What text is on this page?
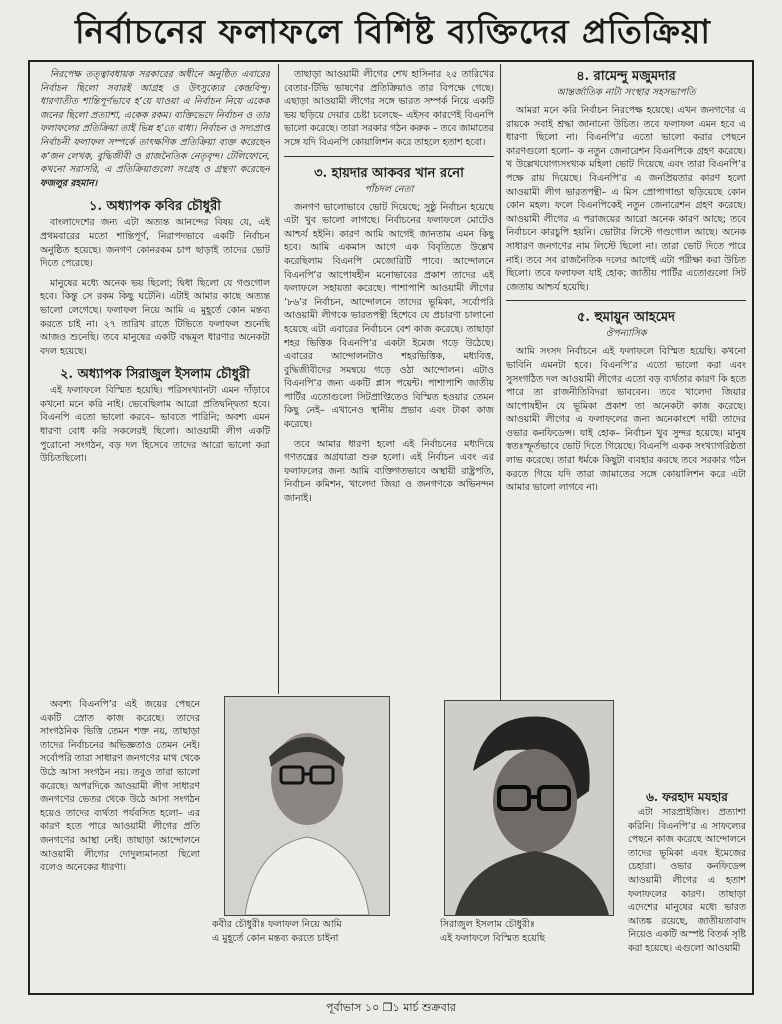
নির্বাচনের ফলাফলে বিশিষ্ট ব্যক্তিদের প্রতিক্রিয়া

নিরপেক্ষ তত্ত্বাবধায়ক সরকারের অধীনে অনুষ্ঠিত এবারের নির্বাচন ছিলো সবারই আগ্রহ ও উৎসুক্যের কেন্দ্রবিন্দু। ধারণাতীত শান্তিপূর্ণভাবে হ’য়ে যাওয়া এ নির্বাচন নিয়ে একেক জনের ছিলো প্রত্যাশা, একেক রকম। ব্যক্তিভেদে নির্বাচন ও তার ফলাফলের প্রতিক্রিয়া তাই ভিন্ন হ’তে বাধ্য। নির্বাচন ও সদ্যপ্রাপ্ত নির্বাচনী ফলাফল সম্পর্কে তাৎক্ষণিক প্রতিক্রিয়া ব্যক্ত করেছেন ক’জন লেখক, বুদ্ধিজীবী ও রাজনৈতিক নেতৃবৃন্দ। টেলিফোনে, কখনো সরাসরি, এ প্রতিক্রিয়াগুলো সংগ্রহ ও গ্রন্থণা করেছেন ফজলুর রহমান।

১. অধ্যাপক কবির চৌধুরী

বাংলাদেশের জন্য এটা অত্যন্ত আনন্দের বিষয় যে, এই প্রথমবারের মতো শান্তিপূর্ণ, নিরাপদভাবে একটি নির্বাচন অনুষ্ঠিত হয়েছে। জনগণ কোনরকম চাপ ছাড়াই তাদের ভোট দিতে পেরেছে।

মানুষের মধ্যে অনেক ভয় ছিলো; দ্বিধা ছিলো যে গণ্ডগোল হবে। কিন্তু সে রকম কিছু ঘটেনি। এটাই আমার কাছে অত্যন্ত ভালো লেগেছে। ফলাফল নিয়ে আমি এ মুহূর্তে কোন মন্তব্য করতে চাই না। ২৭ তারিখ রাতে টিভিতে ফলাফল শুনেছি আজও শুনেছি। তবে মানুষের একটি বদ্ধমূল ধারণার অনেকটা বদল হয়েছে।

২. অধ্যাপক সিরাজুল ইসলাম চৌধুরী

এই ফলাফলে বিস্মিত হয়েছি। পরিসংখ্যানটা এমন দাঁড়াবে কখনো মনে করি নাই। ভেবেছিলাম আরো প্রতিদ্বন্দ্বিতা হবে। বিএনপি এতো ভালো করবে– ভাবতে পারিনি; অবশ্য এমন ধারণা বোধ করি সকলেরই ছিলো। আওয়ামী লীগ একটি পুরোনো সংগঠন, বড় দল হিসেবে তাদের আরো ভালো করা উচিতছিলো।

অবশ্য বিএনপি’র এই জয়ের পেছনে একটি স্রোত কাজ করেছে। তাদের সাংগঠনিক ভিত্তি তেমন শক্ত নয়, তাছাড়া তাদের নির্বাচনের অভিজ্ঞতাও তেমন নেই। সর্বোপরি তারা সাধারণ জনগণের মাথ থেকে উঠে আসা সংগঠন নয়। তবুও তারা ভালো করেছে। অপরদিকে আওয়ামী লীগ সাধারণ জনগণের ভেতর থেকে উঠে আসা সংগঠন হয়েও তাদের ব্যর্থতা পর্যবসিত হলো– এর কারণ হতে পারে আওয়ামী লীগের প্রতি জনগণের আস্থা নেই। তাছাড়া আন্দোলনে আওয়ামী লীগের দোদুল্যমানতা ছিলো বলেও অনেকের ধারণা।

তাছাড়া আওয়ামী লীগের শেখ হাসিনার ২৫ তারিখের বেতার-টিভি ভাষণের প্রতিক্রিয়াও তার বিপক্ষে গেছে। এছাড়া আওয়ামী লীগের সঙ্গে ভারত সম্পর্ক নিয়ে একটি ভয় ছড়িয়ে দেয়ার চেষ্টা চলেছে– এইসব কারণেই বিএনপি ভালো করেছে। তারা সরকার গঠন করুক – তবে জামাতের সঙ্গে যদি বিএনপি কোয়ালিশন করে তাহলে হতাশ হবো।

৩. হায়দার আকবর খান রনো
পাঁচদল নেতা

জনগণ ভালোভাবে ভোট দিয়েছে; সুষ্ঠু নির্বাচন হয়েছে এটা খুব ভালো লাগছে। নির্বাচনের ফলাফলে মোটেও আশ্চর্য হইনি। কারণ আমি আগেই জানতাম এমন কিছু হবে। আমি একমাস আগে এক বিবৃতিতে উল্লেখ করেছিলাম বিএনপি মেজোরিটি পাবে। আন্দোলনে বিএনপি’র আপোষহীন মনোভাবের প্রকাশ তাদের এই ফলাফলে সহায়তা করেছে। পাশাপাশি আওয়ামী লীগের ’৮৬’র নির্বাচন, আন্দোলনে তাদের ভূমিকা, সর্বোপরি আওয়ামী লীগকে ভারতপন্থী হিশেবে যে প্রচারণা চালানো হয়েছে এটা এবারের নির্বাচনে বেশ কাজ করেছে। তাছাড়া শহর ভিত্তিক বিএনপি’র একটা ইমেজ গড়ে উঠেছে। এবারের আন্দোলনটাও শহরভিত্তিক, মধ্যবিত্ত, বুদ্ধিজীবীদের সমন্বয়ে গড়ে ওঠা আন্দোলন। এটাও বিএনপি’র জন্য একটি প্লাস পয়েন্ট। পাশাপাশি জাতীয় পার্টির এতোগুলো সিটপ্রাপ্তিতেও বিস্মিত হওয়ার তেমন কিছু নেই– এখানেও স্থানীয় প্রভাব এবং টাকা কাজ করেছে।

তবে আমার ধারণা হলো এই নির্বাচনের মধ্যদিয়ে গণতন্ত্রের অগ্রযাত্রা শুরু হলো। এই নির্বাচন এবং এর ফলাফলের জন্য আমি ব্যক্তিগতভাবে অস্থায়ী রাষ্ট্রপতি, নির্বাচন কমিশন, খালেদা জিয়া ও জনগণকে অভিনন্দন জানাই।

৪. রামেন্দু মজুমদার
আন্তর্জাতিক নাট্য সংস্থার সহসভাপতি

আমরা মনে করি নির্বাচন নিরপেক্ষ হয়েছে। এখন জনগণের এ রায়কে সবাই শ্রদ্ধা জানানো উচিত। তবে ফলাফল এমন হবে এ ধারণা ছিলো না। বিএনপি’র এতো ভালো করার পেছনে কারণগুলো হলো– ক নতুন জেনারেশন বিএনপিকে গ্রহণ করেছে। খ উল্লেখযোগ্যসংখ্যক মহিলা ভোট দিয়েছে এবং তারা বিএনপি’র পক্ষে রায় দিয়েছে। বিএনপি’র এ জনপ্রিয়তার কারণ হলো আওয়ামী লীগ ভারতপন্থী– এ মিস প্রোপাগান্ডা ছড়িয়েছে কোন কোন মহল। ফলে বিএনপিকেই নতুন জেনারেশন গ্রহণ করেছে। আওয়ামী লীগের এ পরাজয়ের আরো অনেক কারণ আছে; তবে নির্বাচনে কারচুপি হয়নি। ভোটার লিস্টে গণ্ডগোল আছে। অনেক সাধারণ জনগণের নাম লিস্টে ছিলো না। তারা ভোট দিতে পারে নাই। তবে সব রাজনৈতিক দলের আগেই এটা পরীক্ষা করা উচিত ছিলো। তবে ফলাফল যাই হোক; জাতীয় পার্টির এতোগুলো সিট জেতায় আশ্চর্য হয়েছি।

৫. হুমায়ুন আহমেদ
ঔপন্যাসিক

আমি সংসদ নির্বাচনে এই ফলাফলে বিস্মিত হয়েছি। কখনো ভাবিনি এমনটা হবে। বিএনপি’র এতো ভালো করা এবং সুসংগঠিত দল আওয়ামী লীগের এতো বড় ব্যর্থতার কারণ কি হতে পারে তা রাজনীতিবিদরা ভাববেন। তবে খালেদা জিয়ার আপোষহীন যে ভূমিকা প্রকাশ তা অনেকটা কাজ করেছে। আওয়ামী লীগের এ ফলাফলের জন্য অনেকাংশে দায়ী তাদের ওভার কনফিডেন্স। যাই হোক– নির্বাচন খুব সুন্দর হয়েছে। মানুষ স্বতঃস্ফূর্তভাবে ভোট দিতে গিয়েছে। বিএনপি একক সংখ্যাগরিষ্ঠতা লাভ করেছে। তারা ধর্মকে কিছুটা ব্যবহার করছে তবে সরকার গঠন করতে গিয়ে যদি তারা জামাতের সঙ্গে কোয়ালিশন করে এটা আমার ভালো লাগবে না।

৬. ফরহাদ মযহার

এটা সারপ্রাইজিং। প্রত্যাশা করিনি। বিএনপি’র এ সাফল্যের পেছনে কাজ করেছে আন্দোলনে তাদের ভূমিকা এবং ইমেজের চেহারা। ওভার কনফিডেন্স আওয়ামী লীগের এ হতাশ ফলাফলের কারণ। তাছাড়া এদেশের মানুষের মধ্যে ভারত আতঙ্ক রয়েছে, জাতীয়তাবাদ নিয়েও একটি অস্পষ্ট বিতর্ক সৃষ্টি করা হয়েছে। এগুলো আওয়ামী

কবীর চৌধুরীঃ ফলাফল নিয়ে আমি
এ মুহূর্তে কোন মন্তব্য করতে চাইনা
সিরাজুল ইসলাম চৌধুরীঃ
এই ফলাফলে বিস্মিত হয়েছি
পূর্বাভাস ১০ ❒১ মার্চ শুক্রবার
